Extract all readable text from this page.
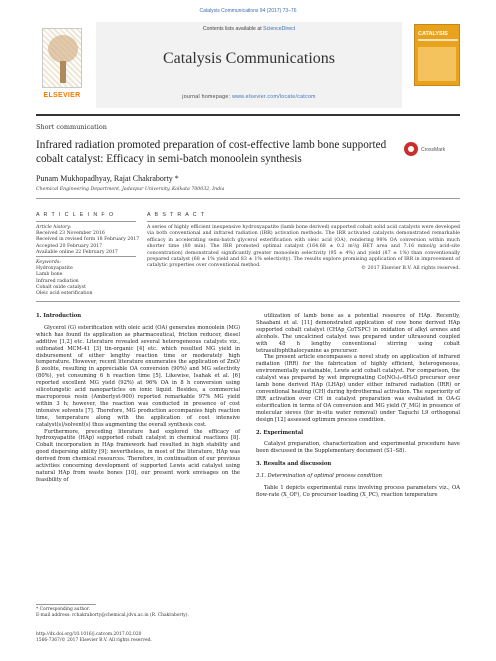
Catalysis Communications 94 (2017) 73–76
ELSEVIER
Contents lists available at ScienceDirect
Catalysis Communications
journal homepage: www.elsevier.com/locate/catcom
CATALYSIS
Short communication
Infrared radiation promoted preparation of cost-effective lamb bone supported cobalt catalyst: Efficacy in semi-batch monoolein synthesis
CrossMark
Punam Mukhopadhyay, Rajat Chakraborty *
Chemical Engineering Department, Jadavpur University, Kolkata 700032, India
A R T I C L E I N F O	A B S T R A C T
Article history:
Received 23 November 2016
Received in revised form 18 February 2017
Accepted 20 February 2017
Available online 22 February 2017
Keywords:
Hydroxyapatite
Lamb bone
Infrared radiation
Cobalt oxide catalyst
Oleic acid esterification
A series of highly efficient inexpensive hydroxyapatite (lamb bone derived) supported cobalt solid acid catalysts were developed via both conventional and infrared radiation (IRR) activation methods. The IRR activated catalysts demonstrated remarkable efficacy in accelerating semi-batch glycerol esterification with oleic acid (OA), rendering 98% OA conversion within much shorter time (80 min). The IRR promoted optimal catalyst (164.68 ± 0.2 m²/g BET area and 7.16 mmol/g acid-site concentration) demonstrated significantly greater monoolein selectivity (95 ± 4%) and yield (87 ± 1%) than conventionally prepared catalyst (68 ± 1% yield and 83 ± 1% selectivity). The results explore promising application of IRR in improvement of catalytic properties over conventional method.
© 2017 Elsevier B.V. All rights reserved.
1. Introduction

Glycerol (G) esterification with oleic acid (OA) generates monoolein (MG) which has found its application as pharmaceutical, friction reducer, diesel additive [1,2] etc. Literature revealed several heterogeneous catalysts viz., sulfonated MCM-41 [3] tin-organic [4] etc. which resulted MG yield in disbursement of either lengthy reaction time or moderately high temperature. However, recent literature enumerates the application of ZnO/β zeolite, resulting in appreciable OA conversion (90%) and MG selectivity (80%), yet consuming 6 h reaction time [5]. Likewise, Isahak et al. [6] reported excellent MG yield (92%) at 96% OA in 8 h conversion using silicotungstic acid nanoparticles on ionic liquid. Besides, a commercial macroporous resin (Amberlyst-900) reported remarkable 97% MG yield within 3 h; however, the reaction was conducted in presence of cost intensive solvents [7]. Therefore, MG production accompanies high reaction time, temperature along with the application of cost intensive catalyst(s)/solvent(s) thus augmenting the overall synthesis cost.

Furthermore, preceding literature had explored the efficacy of hydroxyapatite (HAp) supported cobalt catalyst in chemical reactions [8]. Cobalt incorporation in HAp framework had resulted in high stability and good dispersing ability [9]; nevertheless, in most of the literature, HAp was derived from chemical resources. Therefore, in continuation of our previous activities concerning development of supported Lewis acid catalyst using natural HAp from waste bones [10], our present work envisages on the feasibility of

utilization of lamb bone as a potential resource of HAp. Recently, Shaabani et al. [11] demonstrated application of cow bone derived HAp supported cobalt catalyst (CHAp_CoTSPC) in oxidation of alkyl arenes and alcohols. The uncalcined catalyst was prepared under ultrasound coupled with 48 h lengthy conventional stirring using cobalt tetrasulfophthalocyanine as precursor.

The present article encompasses a novel study on application of infrared radiation (IRR) for the fabrication of highly efficient, heterogeneous, environmentally sustainable, Lewis acid cobalt catalyst. For comparison, the catalyst was prepared by wet impregnating Co(NO₃)₂·6H₂O precursor over lamb bone derived HAp (LHAp) under either infrared radiation (IRR) or conventional heating (CH) during hydrothermal activation. The superiority of IRR activation over CH in catalyst preparation was evaluated in OA-G esterification in terms of OA conversion and MG yield (Y_MG) in presence of molecular sieves (for in-situ water removal) under Taguchi L9 orthogonal design [12] assessed optimum process condition.

2. Experimental

Catalyst preparation, characterization and experimental procedure have been discussed in the Supplementary document (S1–S8).

3. Results and discussion
3.1. Determination of optimal process condition

Table 1 depicts experimental runs involving process parameters viz., OA flow-rate (X_OF), Co precursor loading (X_PC), reaction temperature

* Corresponding author.
E-mail address: rchakraborty@chemical.jdvu.ac.in (R. Chakraborty).
http://dx.doi.org/10.1016/j.catcom.2017.02.020
1566-7367/© 2017 Elsevier B.V. All rights reserved.
